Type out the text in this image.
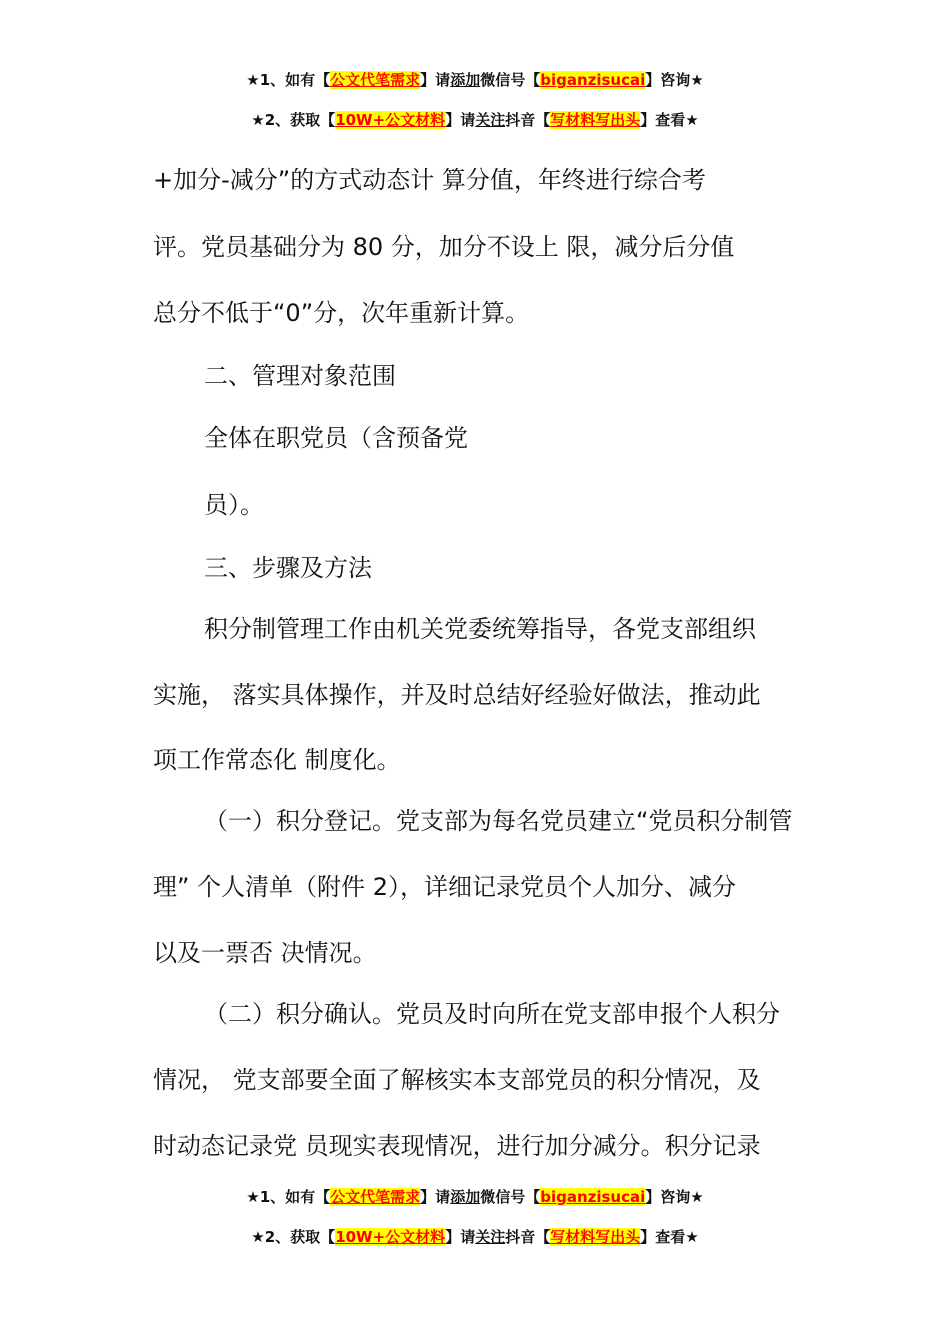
★1、如有【公文代笔需求】请添加微信号【biganzisucai】咨询★
★2、获取【10W+公文材料】请关注抖音【写材料写出头】查看★
+加分-减分”的方式动态计 算分值，年终进行综合考
评。党员基础分为 80 分，加分不设上 限，减分后分值
总分不低于“0”分，次年重新计算。
二、管理对象范围
全体在职党员（含预备党
员）。
三、步骤及方法
积分制管理工作由机关党委统筹指导，各党支部组织
实施， 落实具体操作，并及时总结好经验好做法，推动此
项工作常态化 制度化。
（一）积分登记。党支部为每名党员建立“党员积分制管
理” 个人清单（附件 2），详细记录党员个人加分、减分
以及一票否 决情况。
（二）积分确认。党员及时向所在党支部申报个人积分
情况， 党支部要全面了解核实本支部党员的积分情况，及
时动态记录党 员现实表现情况，进行加分减分。积分记录
★1、如有【公文代笔需求】请添加微信号【biganzisucai】咨询★
★2、获取【10W+公文材料】请关注抖音【写材料写出头】查看★
